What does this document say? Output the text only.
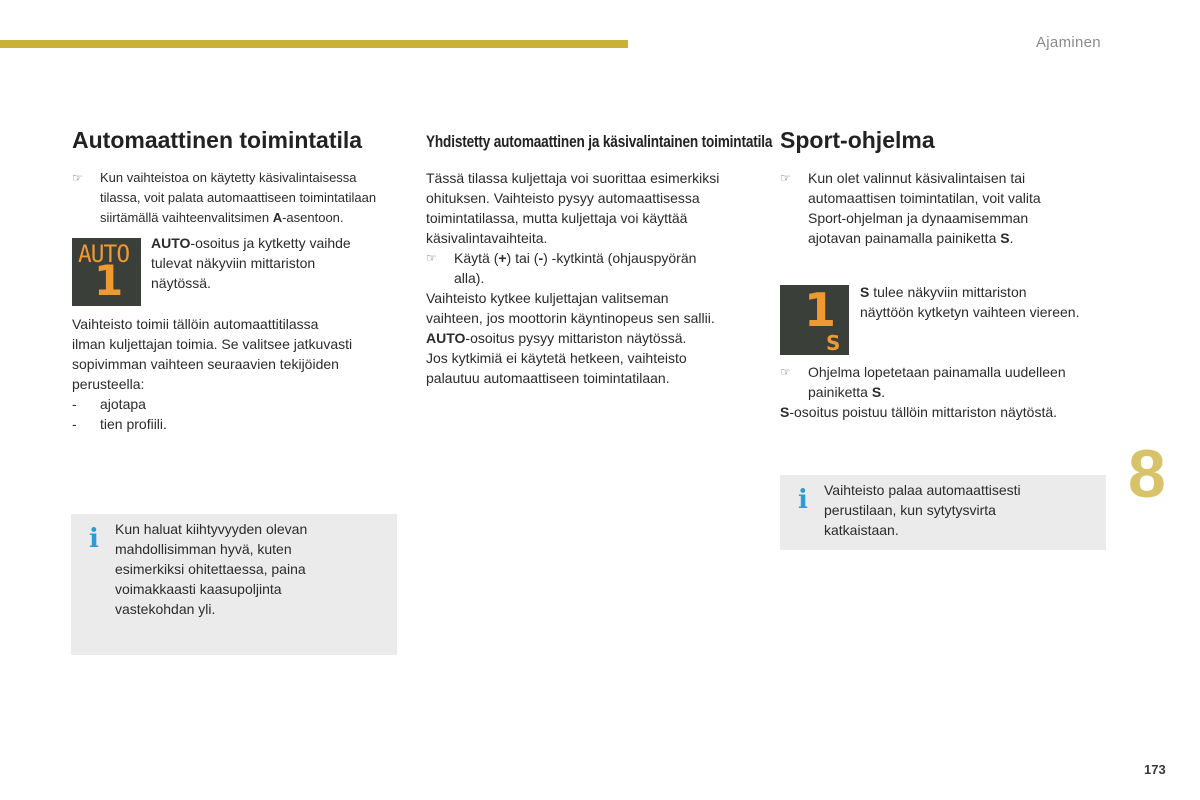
Ajaminen
Automaattinen toimintatila
☞ Kun vaihteistoa on käytetty käsivalintaisessa

tilassa, voit palata automaattiseen toimintatilaan

siirtämällä vaihteenvalitsimen A-asentoon.

AUTO
1

AUTO-osoitus ja kytketty vaihde

tulevat näkyviin mittariston

näytössä.

Vaihteisto toimii tällöin automaattitilassa

ilman kuljettajan toimia. Se valitsee jatkuvasti

sopivimman vaihteen seuraavien tekijöiden

perusteella:

- ajotapa
- tien profiili.
i Kun haluat kiihtyvyyden olevan

mahdollisimman hyvä, kuten

esimerkiksi ohitettaessa, paina

voimakkaasti kaasupoljinta

vastekohdan yli.

Yhdistetty automaattinen ja käsivalintainen toimintatila

Tässä tilassa kuljettaja voi suorittaa esimerkiksi

ohituksen. Vaihteisto pysyy automaattisessa

toimintatilassa, mutta kuljettaja voi käyttää

käsivalintavaihteita.

☞ Käytä (+) tai (-) -kytkintä (ohjauspyörän

alla).

Vaihteisto kytkee kuljettajan valitseman

vaihteen, jos moottorin käyntinopeus sen sallii.

AUTO-osoitus pysyy mittariston näytössä.

Jos kytkimiä ei käytetä hetkeen, vaihteisto

palautuu automaattiseen toimintatilaan.

Sport-ohjelma
☞ Kun olet valinnut käsivalintaisen tai

automaattisen toimintatilan, voit valita

Sport-ohjelman ja dynaamisemman

ajotavan painamalla painiketta S.

1
S

S tulee näkyviin mittariston

näyttöön kytketyn vaihteen viereen.

☞ Ohjelma lopetetaan painamalla uudelleen

painiketta S.

S-osoitus poistuu tällöin mittariston näytöstä.

i Vaihteisto palaa automaattisesti

perustilaan, kun sytytysvirta

katkaistaan.

8
173
